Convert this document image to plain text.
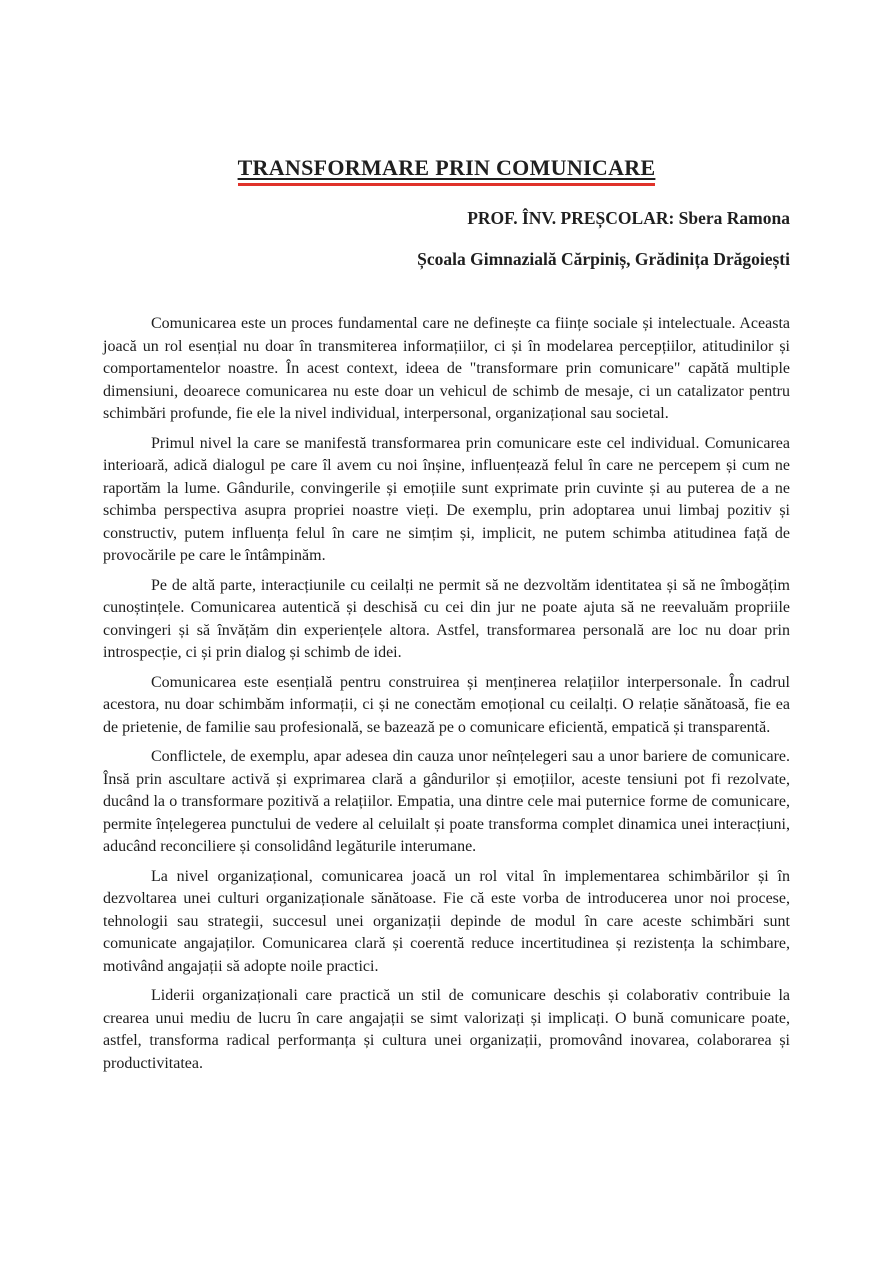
TRANSFORMARE PRIN COMUNICARE

PROF. ÎNV. PREȘCOLAR: Sbera Ramona

Școala Gimnazială Cărpiniș, Grădinița Drăgoiești

Comunicarea este un proces fundamental care ne definește ca ființe sociale și intelectuale. Aceasta joacă un rol esențial nu doar în transmiterea informațiilor, ci și în modelarea percepțiilor, atitudinilor și comportamentelor noastre. În acest context, ideea de "transformare prin comunicare" capătă multiple dimensiuni, deoarece comunicarea nu este doar un vehicul de schimb de mesaje, ci un catalizator pentru schimbări profunde, fie ele la nivel individual, interpersonal, organizațional sau societal.

Primul nivel la care se manifestă transformarea prin comunicare este cel individual. Comunicarea interioară, adică dialogul pe care îl avem cu noi înșine, influențează felul în care ne percepem și cum ne raportăm la lume. Gândurile, convingerile și emoțiile sunt exprimate prin cuvinte și au puterea de a ne schimba perspectiva asupra propriei noastre vieți. De exemplu, prin adoptarea unui limbaj pozitiv și constructiv, putem influența felul în care ne simțim și, implicit, ne putem schimba atitudinea față de provocările pe care le întâmpinăm.

Pe de altă parte, interacțiunile cu ceilalți ne permit să ne dezvoltăm identitatea și să ne îmbogățim cunoștințele. Comunicarea autentică și deschisă cu cei din jur ne poate ajuta să ne reevaluăm propriile convingeri și să învățăm din experiențele altora. Astfel, transformarea personală are loc nu doar prin introspecție, ci și prin dialog și schimb de idei.

Comunicarea este esențială pentru construirea și menținerea relațiilor interpersonale. În cadrul acestora, nu doar schimbăm informații, ci și ne conectăm emoțional cu ceilalți. O relație sănătoasă, fie ea de prietenie, de familie sau profesională, se bazează pe o comunicare eficientă, empatică și transparentă.

Conflictele, de exemplu, apar adesea din cauza unor neînțelegeri sau a unor bariere de comunicare. Însă prin ascultare activă și exprimarea clară a gândurilor și emoțiilor, aceste tensiuni pot fi rezolvate, ducând la o transformare pozitivă a relațiilor. Empatia, una dintre cele mai puternice forme de comunicare, permite înțelegerea punctului de vedere al celuilalt și poate transforma complet dinamica unei interacțiuni, aducând reconciliere și consolidând legăturile interumane.

La nivel organizațional, comunicarea joacă un rol vital în implementarea schimbărilor și în dezvoltarea unei culturi organizaționale sănătoase. Fie că este vorba de introducerea unor noi procese, tehnologii sau strategii, succesul unei organizații depinde de modul în care aceste schimbări sunt comunicate angajaților. Comunicarea clară și coerentă reduce incertitudinea și rezistența la schimbare, motivând angajații să adopte noile practici.

Liderii organizaționali care practică un stil de comunicare deschis și colaborativ contribuie la crearea unui mediu de lucru în care angajații se simt valorizați și implicați. O bună comunicare poate, astfel, transforma radical performanța și cultura unei organizații, promovând inovarea, colaborarea și productivitatea.
